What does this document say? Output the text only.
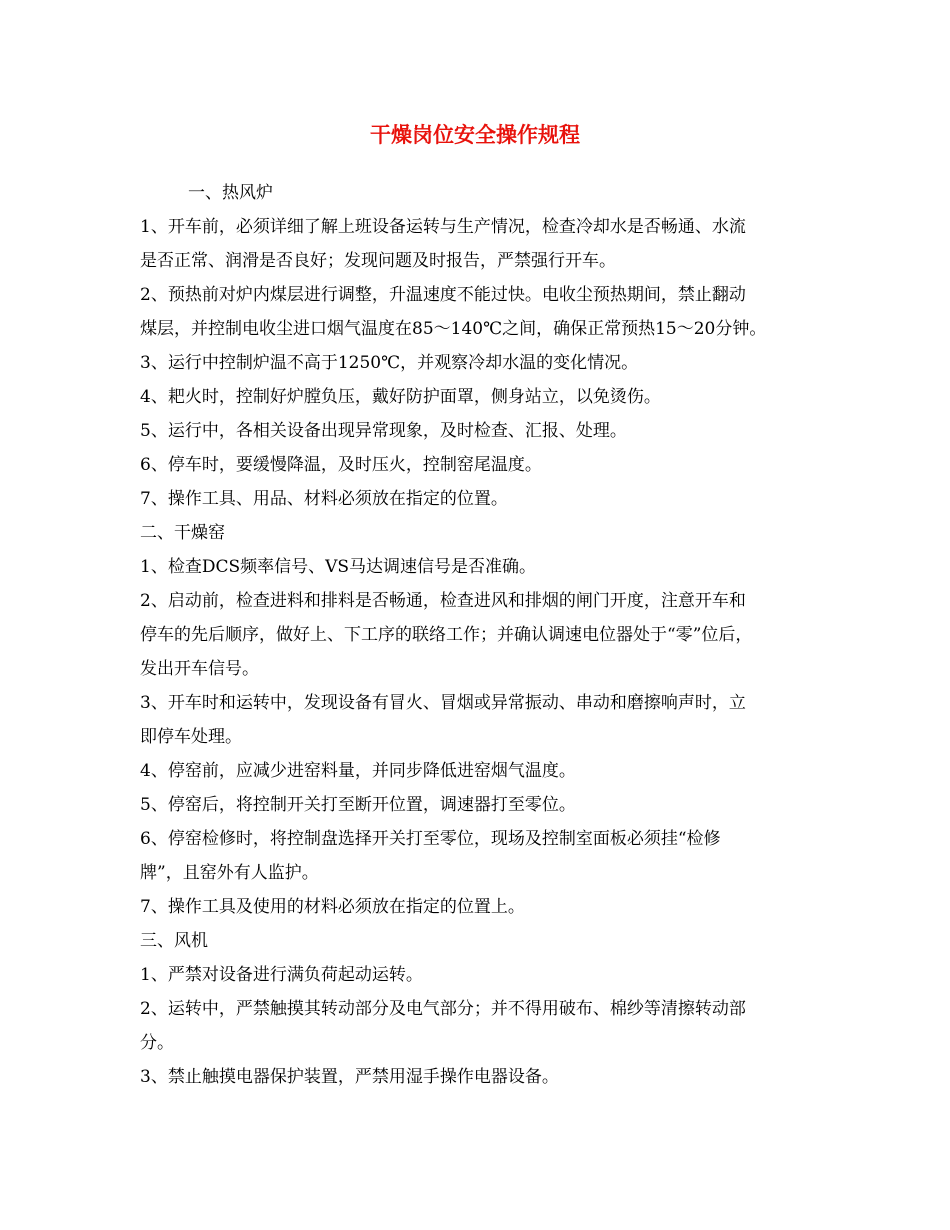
干燥岗位安全操作规程

一、热风炉

1、开车前，必须详细了解上班设备运转与生产情况，检查冷却水是否畅通、水流

是否正常、润滑是否良好；发现问题及时报告，严禁强行开车。

2、预热前对炉内煤层进行调整，升温速度不能过快。电收尘预热期间，禁止翻动

煤层，并控制电收尘进口烟气温度在85～140℃之间，确保正常预热15～20分钟。

3、运行中控制炉温不高于1250℃，并观察冷却水温的变化情况。

4、耙火时，控制好炉膛负压，戴好防护面罩，侧身站立，以免烫伤。

5、运行中，各相关设备出现异常现象，及时检查、汇报、处理。

6、停车时，要缓慢降温，及时压火，控制窑尾温度。

7、操作工具、用品、材料必须放在指定的位置。

二、干燥窑

1、检查DCS频率信号、VS马达调速信号是否准确。

2、启动前，检查进料和排料是否畅通，检查进风和排烟的闸门开度，注意开车和

停车的先后顺序，做好上、下工序的联络工作；并确认调速电位器处于“零”位后，

发出开车信号。

3、开车时和运转中，发现设备有冒火、冒烟或异常振动、串动和磨擦响声时，立

即停车处理。

4、停窑前，应减少进窑料量，并同步降低进窑烟气温度。

5、停窑后，将控制开关打至断开位置，调速器打至零位。

6、停窑检修时，将控制盘选择开关打至零位，现场及控制室面板必须挂“检修

牌”，且窑外有人监护。

7、操作工具及使用的材料必须放在指定的位置上。

三、风机

1、严禁对设备进行满负荷起动运转。

2、运转中，严禁触摸其转动部分及电气部分；并不得用破布、棉纱等清擦转动部

分。

3、禁止触摸电器保护装置，严禁用湿手操作电器设备。
